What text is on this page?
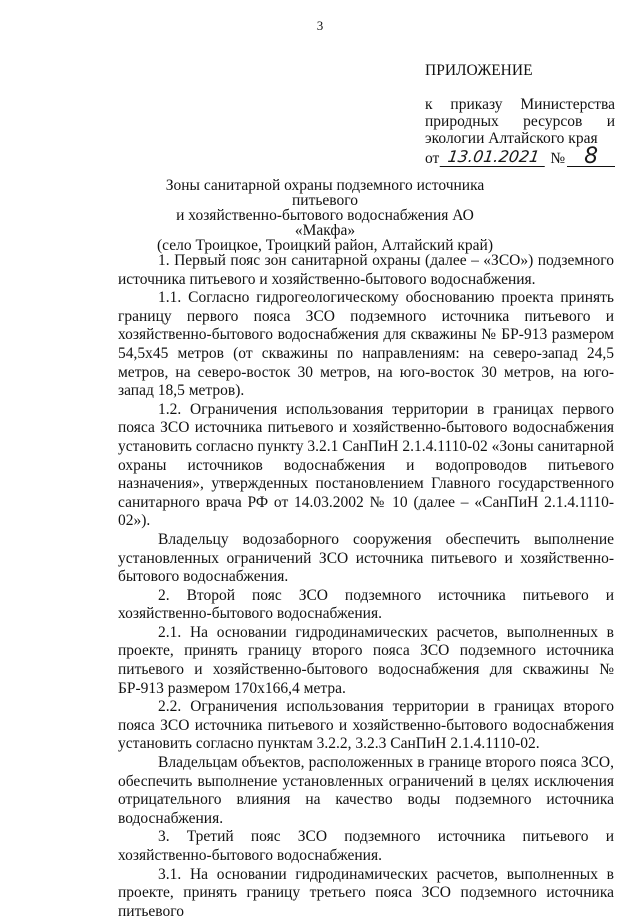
3
ПРИЛОЖЕНИЕ
к приказу Министерства природных ресурсов и экологии Алтайского края
от 13.01.2021 № 8
Зоны санитарной охраны подземного источника питьевого
и хозяйственно-бытового водоснабжения АО «Макфа»
(село Троицкое, Троицкий район, Алтайский край)

1. Первый пояс зон санитарной охраны (далее – «ЗСО») подземного источника питьевого и хозяйственно-бытового водоснабжения.

1.1. Согласно гидрогеологическому обоснованию проекта принять границу первого пояса ЗСО подземного источника питьевого и хозяйственно-бытового водоснабжения для скважины № БР-913 размером 54,5х45 метров (от скважины по направлениям: на северо-запад 24,5 метров, на северо-восток 30 метров, на юго-восток 30 метров, на юго-запад 18,5 метров).

1.2. Ограничения использования территории в границах первого пояса ЗСО источника питьевого и хозяйственно-бытового водоснабжения установить согласно пункту 3.2.1 СанПиН 2.1.4.1110-02 «Зоны санитарной охраны источников водоснабжения и водопроводов питьевого назначения», утвержденных постановлением Главного государственного санитарного врача РФ от 14.03.2002 № 10 (далее – «СанПиН 2.1.4.1110-02»).

Владельцу водозаборного сооружения обеспечить выполнение установленных ограничений ЗСО источника питьевого и хозяйственно-бытового водоснабжения.

2. Второй пояс ЗСО подземного источника питьевого и хозяйственно-бытового водоснабжения.

2.1. На основании гидродинамических расчетов, выполненных в проекте, принять границу второго пояса ЗСО подземного источника питьевого и хозяйственно-бытового водоснабжения для скважины № БР-913 размером 170х166,4 метра.

2.2. Ограничения использования территории в границах второго пояса ЗСО источника питьевого и хозяйственно-бытового водоснабжения установить согласно пунктам 3.2.2, 3.2.3 СанПиН 2.1.4.1110-02.

Владельцам объектов, расположенных в границе второго пояса ЗСО, обеспечить выполнение установленных ограничений в целях исключения отрицательного влияния на качество воды подземного источника водоснабжения.

3. Третий пояс ЗСО подземного источника питьевого и хозяйственно-бытового водоснабжения.

3.1. На основании гидродинамических расчетов, выполненных в проекте, принять границу третьего пояса ЗСО подземного источника питьевого
